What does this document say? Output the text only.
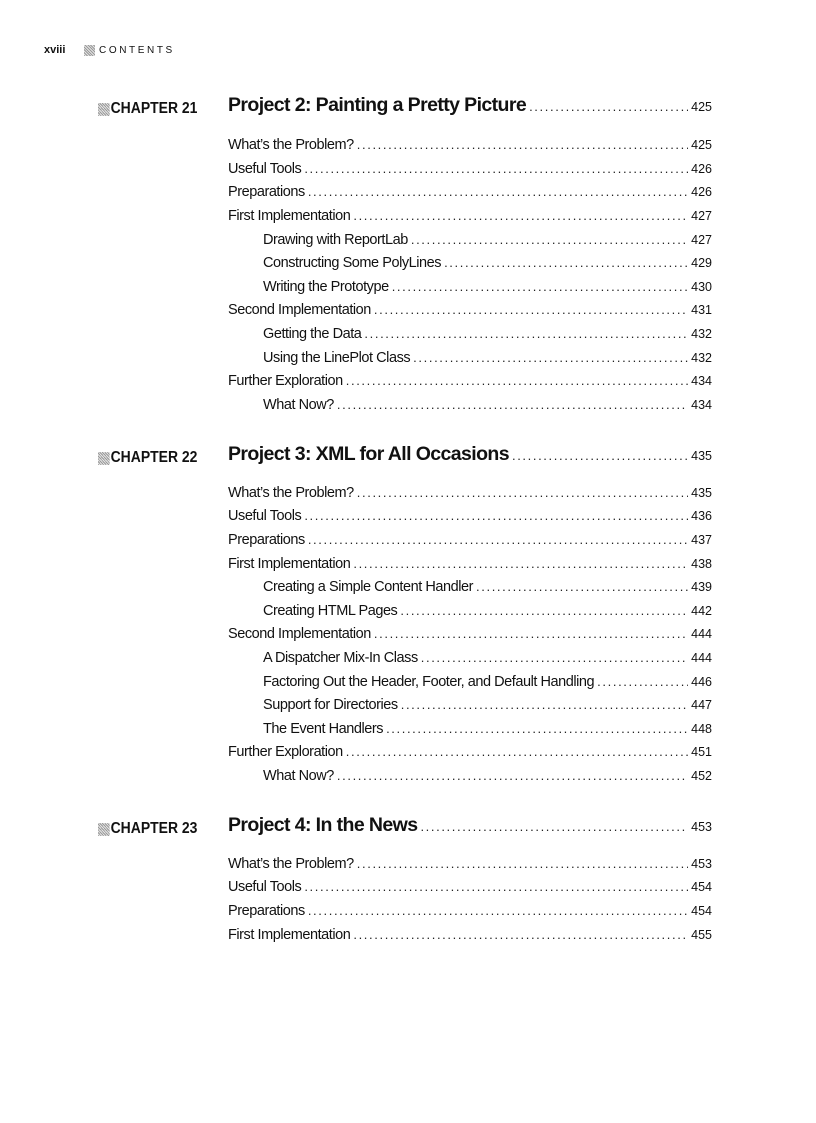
xviii	CONTENTS
CHAPTER 21 Project 2: Painting a Pretty Picture . . .	425
What’s the Problem? . . .	425
Useful Tools . . .	426
Preparations . . .	426
First Implementation . . .	427
Drawing with ReportLab . . .	427
Constructing Some PolyLines . . .	429
Writing the Prototype . . .	430
Second Implementation . . .	431
Getting the Data . . .	432
Using the LinePlot Class . . .	432
Further Exploration . . .	434
What Now? . . .	434
CHAPTER 22 Project 3: XML for All Occasions . . .	435
What’s the Problem? . . .	435
Useful Tools . . .	436
Preparations . . .	437
First Implementation . . .	438
Creating a Simple Content Handler . . .	439
Creating HTML Pages . . .	442
Second Implementation . . .	444
A Dispatcher Mix-In Class . . .	444
Factoring Out the Header, Footer, and Default Handling . . .	446
Support for Directories . . .	447
The Event Handlers . . .	448
Further Exploration . . .	451
What Now? . . .	452
CHAPTER 23 Project 4: In the News . . .	453
What’s the Problem? . . .	453
Useful Tools . . .	454
Preparations . . .	454
First Implementation . . .	455
